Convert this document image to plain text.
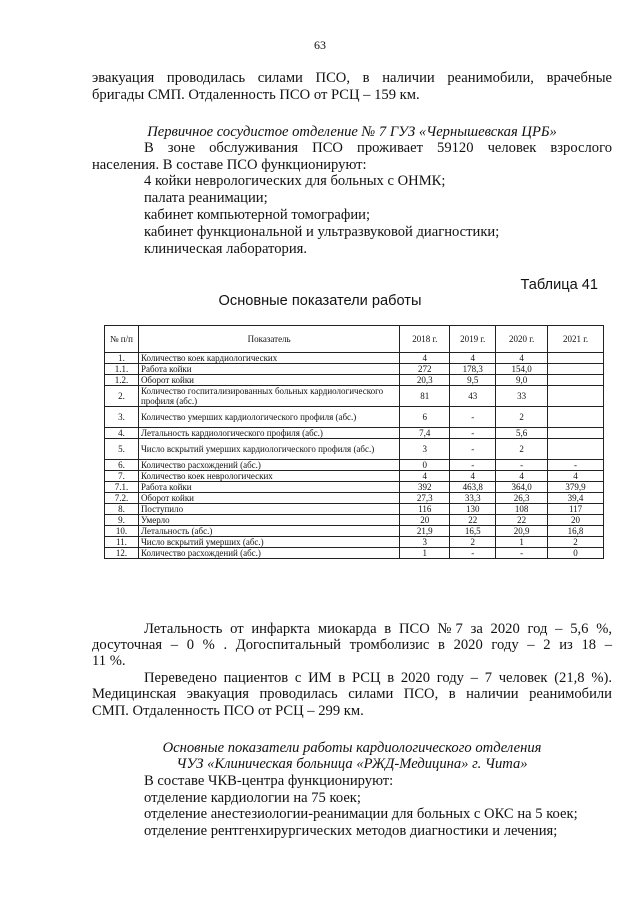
63
эвакуация проводилась силами ПСО, в наличии реанимобили, врачебные
бригады СМП. Отдаленность ПСО от РСЦ – 159 км.
Первичное сосудистое отделение № 7 ГУЗ «Чернышевская ЦРБ»
В зоне обслуживания ПСО проживает 59120 человек взрослого
населения. В составе ПСО функционируют:
4 койки неврологических для больных с ОНМК;
палата реанимации;
кабинет компьютерной томографии;
кабинет функциональной и ультразвуковой диагностики;
клиническая лаборатория.
Таблица 41
Основные показатели работы
№ п/п	Показатель	2018 г.	2019 г.	2020 г.	2021 г.
1.	Количество коек кардиологических	4	4	4	
1.1.	Работа койки	272	178,3	154,0	
1.2.	Оборот койки	20,3	9,5	9,0	
2.	Количество госпитализированных больных кардиологического профиля (абс.)	81	43	33	
3.	Количество умерших кардиологического профиля (абс.)	6	-	2	
4.	Летальность кардиологического профиля (абс.)	7,4	-	5,6	
5.	Число вскрытий умерших кардиологического профиля (абс.)	3	-	2	
6.	Количество расхождений (абс.)	0	-	-	-
7.	Количество коек неврологических	4	4	4	4
7.1.	Работа койки	392	463,8	364,0	379,9
7.2.	Оборот койки	27,3	33,3	26,3	39,4
8.	Поступило	116	130	108	117
9.	Умерло	20	22	22	20
10.	Летальность (абс.)	21,9	16,5	20,9	16,8
11.	Число вскрытий умерших (абс.)	3	2	1	2
12.	Количество расхождений (абс.)	1	-	-	0
Летальность от инфаркта миокарда в ПСО №7 за 2020 год – 5,6 %,
досуточная – 0 % . Догоспитальный тромболизис в 2020 году – 2 из 18 –
11 %.
Переведено пациентов с ИМ в РСЦ в 2020 году – 7 человек (21,8 %).
Медицинская эвакуация проводилась силами ПСО, в наличии реанимобили
СМП. Отдаленность ПСО от РСЦ – 299 км.
Основные показатели работы кардиологического отделения
ЧУЗ «Клиническая больница «РЖД-Медицина» г. Чита»
В составе ЧКВ-центра функционируют:
отделение кардиологии на 75 коек;
отделение анестезиологии-реанимации для больных с ОКС на 5 коек;
отделение рентгенхирургических методов диагностики и лечения;
